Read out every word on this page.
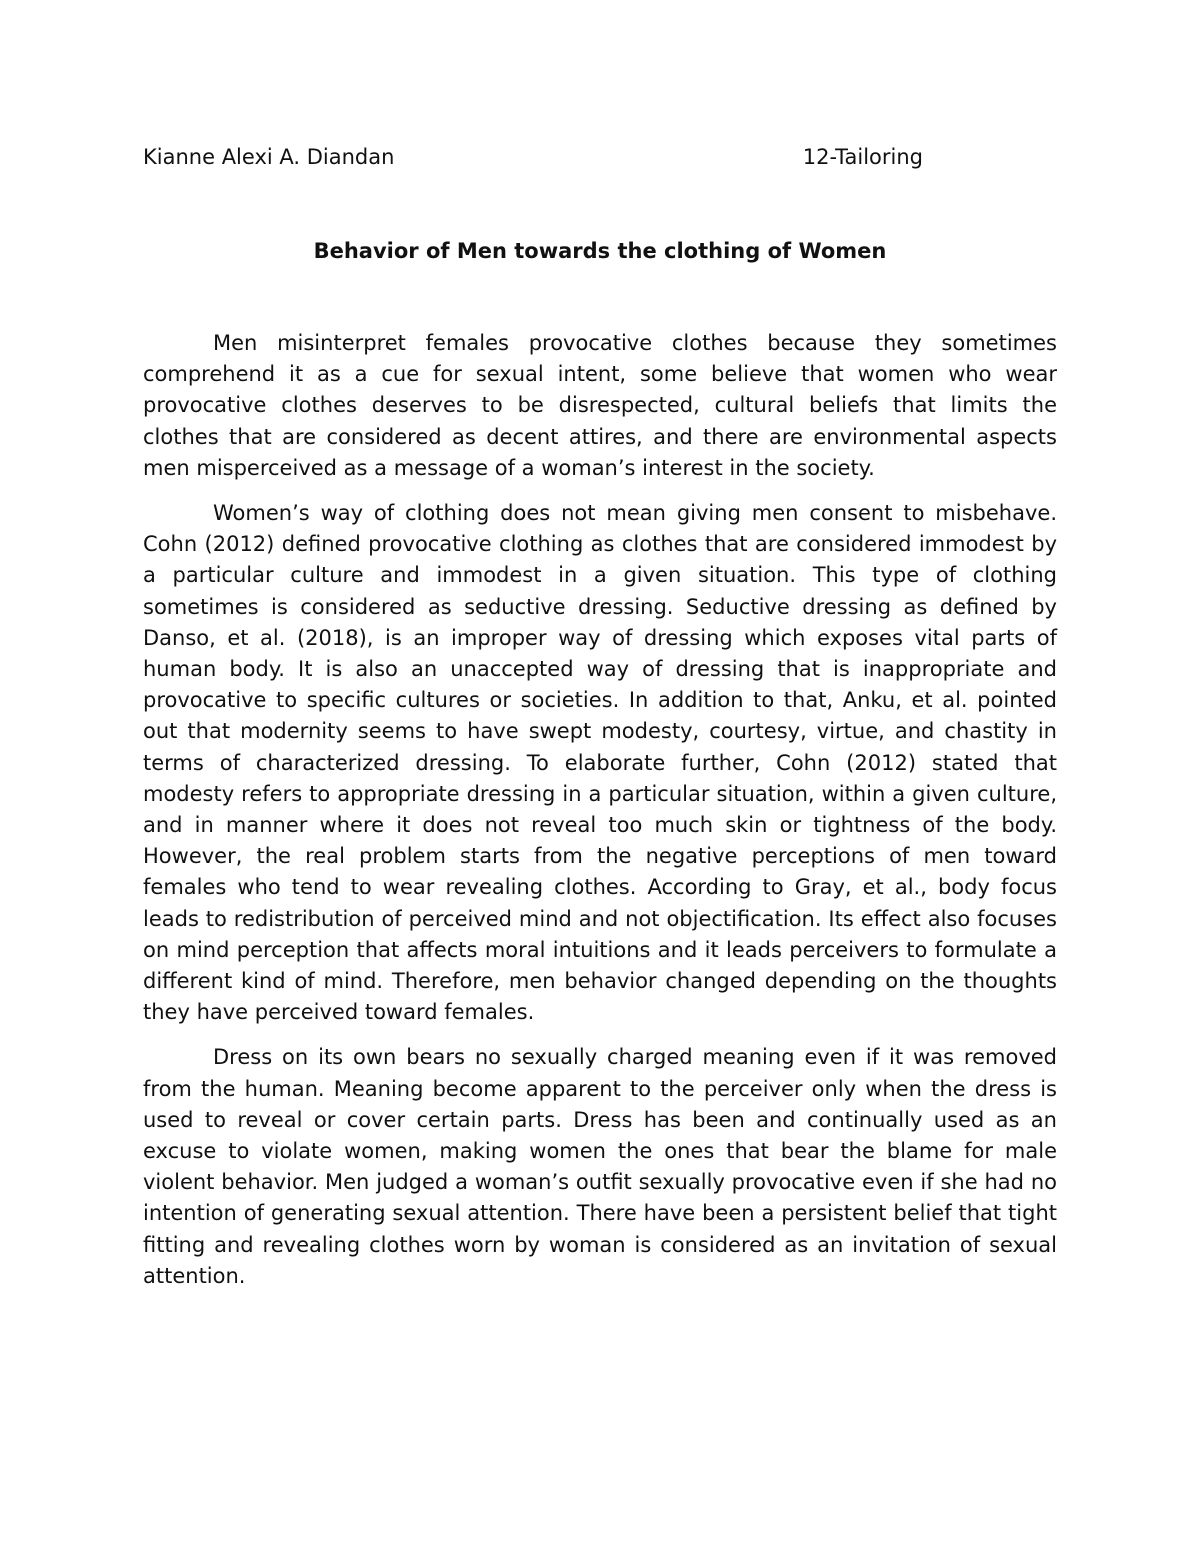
Kianne Alexi A. Diandan	12-Tailoring
Behavior of Men towards the clothing of Women

Men misinterpret females provocative clothes because they sometimes comprehend it as a cue for sexual intent, some believe that women who wear provocative clothes deserves to be disrespected, cultural beliefs that limits the clothes that are considered as decent attires, and there are environmental aspects men misperceived as a message of a woman’s interest in the society.

Women’s way of clothing does not mean giving men consent to misbehave. Cohn (2012) defined provocative clothing as clothes that are considered immodest by a particular culture and immodest in a given situation. This type of clothing sometimes is considered as seductive dressing. Seductive dressing as defined by Danso, et al. (2018), is an improper way of dressing which exposes vital parts of human body. It is also an unaccepted way of dressing that is inappropriate and provocative to specific cultures or societies. In addition to that, Anku, et al. pointed out that modernity seems to have swept modesty, courtesy, virtue, and chastity in terms of characterized dressing. To elaborate further, Cohn (2012) stated that modesty refers to appropriate dressing in a particular situation, within a given culture, and in manner where it does not reveal too much skin or tightness of the body. However, the real problem starts from the negative perceptions of men toward females who tend to wear revealing clothes. According to Gray, et al., body focus leads to redistribution of perceived mind and not objectification. Its effect also focuses on mind perception that affects moral intuitions and it leads perceivers to formulate a different kind of mind. Therefore, men behavior changed depending on the thoughts they have perceived toward females.

Dress on its own bears no sexually charged meaning even if it was removed from the human. Meaning become apparent to the perceiver only when the dress is used to reveal or cover certain parts. Dress has been and continually used as an excuse to violate women, making women the ones that bear the blame for male violent behavior. Men judged a woman’s outfit sexually provocative even if she had no intention of generating sexual attention. There have been a persistent belief that tight fitting and revealing clothes worn by woman is considered as an invitation of sexual attention.
